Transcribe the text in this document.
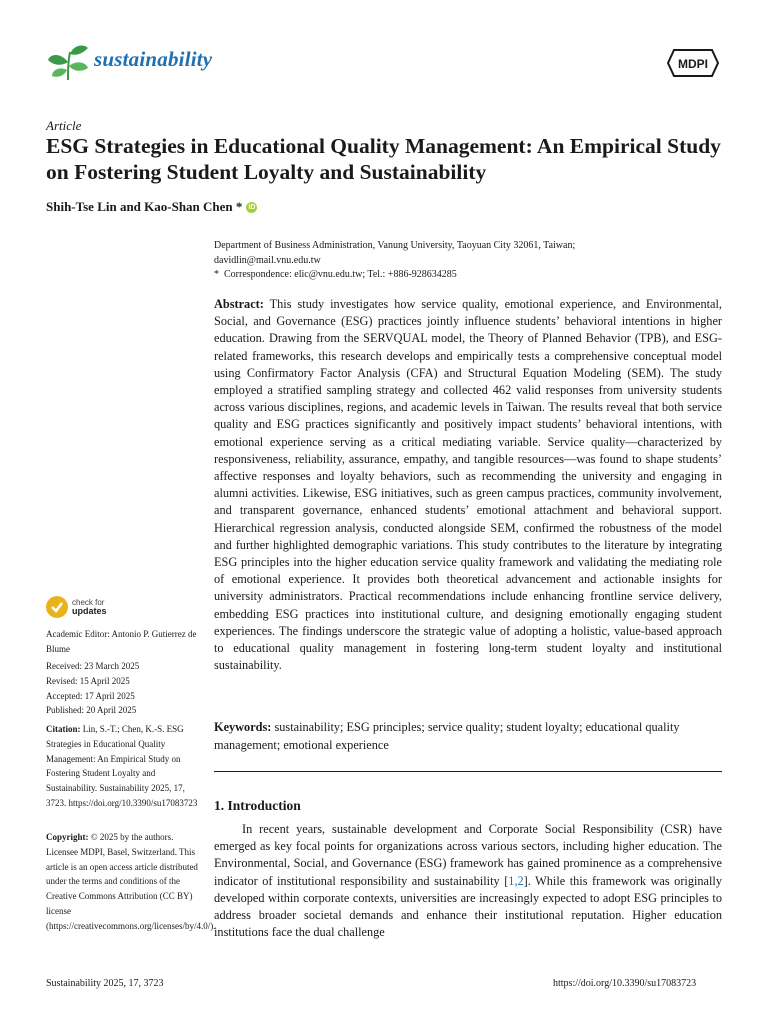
sustainability	MDPI
Article
ESG Strategies in Educational Quality Management: An Empirical Study on Fostering Student Loyalty and Sustainability
Shih-Tse Lin and Kao-Shan Chen * iD
Department of Business Administration, Vanung University, Taoyuan City 32061, Taiwan;
davidlin@mail.vnu.edu.tw
* Correspondence: elic@vnu.edu.tw; Tel.: +886-928634285
Abstract: This study investigates how service quality, emotional experience, and Environmental, Social, and Governance (ESG) practices jointly influence students’ behavioral intentions in higher education. Drawing from the SERVQUAL model, the Theory of Planned Behavior (TPB), and ESG-related frameworks, this research develops and empirically tests a comprehensive conceptual model using Confirmatory Factor Analysis (CFA) and Structural Equation Modeling (SEM). The study employed a stratified sampling strategy and collected 462 valid responses from university students across various disciplines, regions, and academic levels in Taiwan. The results reveal that both service quality and ESG practices significantly and positively impact students’ behavioral intentions, with emotional experience serving as a critical mediating variable. Service quality—characterized by responsiveness, reliability, assurance, empathy, and tangible resources—was found to shape students’ affective responses and loyalty behaviors, such as recommending the university and engaging in alumni activities. Likewise, ESG initiatives, such as green campus practices, community involvement, and transparent governance, enhanced students’ emotional attachment and behavioral support. Hierarchical regression analysis, conducted alongside SEM, confirmed the robustness of the model and further highlighted demographic variations. This study contributes to the literature by integrating ESG principles into the higher education service quality framework and validating the mediating role of emotional experience. It provides both theoretical advancement and actionable insights for university administrators. Practical recommendations include enhancing frontline service delivery, embedding ESG practices into institutional culture, and designing emotionally engaging student experiences. The findings underscore the strategic value of adopting a holistic, value-based approach to educational quality management in fostering long-term student loyalty and institutional sustainability.
Keywords: sustainability; ESG principles; service quality; student loyalty; educational quality management; emotional experience
1. Introduction
In recent years, sustainable development and Corporate Social Responsibility (CSR) have emerged as key focal points for organizations across various sectors, including higher education. The Environmental, Social, and Governance (ESG) framework has gained prominence as a comprehensive indicator of institutional responsibility and sustainability [1,2]. While this framework was originally developed within corporate contexts, universities are increasingly expected to adopt ESG principles to address broader societal demands and enhance their institutional reputation. Higher education institutions face the dual challenge
check for
updates
Academic Editor: Antonio P. Gutierrez de Blume
Received: 23 March 2025
Revised: 15 April 2025
Accepted: 17 April 2025
Published: 20 April 2025
Citation: Lin, S.-T.; Chen, K.-S. ESG Strategies in Educational Quality Management: An Empirical Study on Fostering Student Loyalty and Sustainability. Sustainability 2025, 17, 3723. https://doi.org/10.3390/su17083723
Copyright: © 2025 by the authors. Licensee MDPI, Basel, Switzerland. This article is an open access article distributed under the terms and conditions of the Creative Commons Attribution (CC BY) license (https://creativecommons.org/licenses/by/4.0/).
Sustainability 2025, 17, 3723	https://doi.org/10.3390/su17083723
